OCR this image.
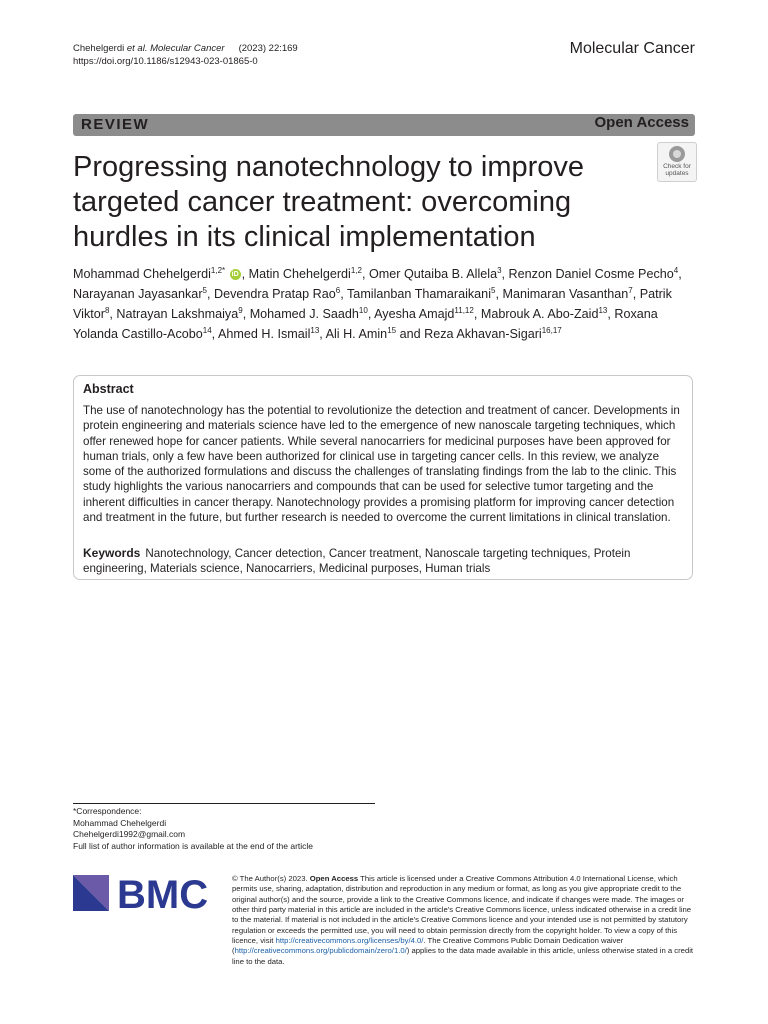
Chehelgerdi et al. Molecular Cancer (2023) 22:169
https://doi.org/10.1186/s12943-023-01865-0
Molecular Cancer
REVIEW	Open Access
Progressing nanotechnology to improve targeted cancer treatment: overcoming hurdles in its clinical implementation
Check for
updates
Mohammad Chehelgerdi$^{1,2*}$ iD , Matin Chehelgerdi$^{1,2}$, Omer Qutaiba B. Allela$^3$, Renzon Daniel Cosme Pecho$^4$, Narayanan Jayasankar$^5$, Devendra Pratap Rao$^6$, Tamilanban Thamaraikani$^5$, Manimaran Vasanthan$^7$, Patrik Viktor$^8$, Natrayan Lakshmaiya$^9$, Mohamed J. Saadh$^{10}$, Ayesha Amajd$^{11,12}$, Mabrouk A. Abo-Zaid$^{13}$, Roxana Yolanda Castillo-Acobo$^{14}$, Ahmed H. Ismail$^{13}$, Ali H. Amin$^{15}$ and Reza Akhavan-Sigari$^{16,17}$
Abstract
The use of nanotechnology has the potential to revolutionize the detection and treatment of cancer. Developments in protein engineering and materials science have led to the emergence of new nanoscale targeting techniques, which offer renewed hope for cancer patients. While several nanocarriers for medicinal purposes have been approved for human trials, only a few have been authorized for clinical use in targeting cancer cells. In this review, we analyze some of the authorized formulations and discuss the challenges of translating findings from the lab to the clinic. This study highlights the various nanocarriers and compounds that can be used for selective tumor targeting and the inherent difficulties in cancer therapy. Nanotechnology provides a promising platform for improving cancer detection and treatment in the future, but further research is needed to overcome the current limitations in clinical translation.
Keywords Nanotechnology, Cancer detection, Cancer treatment, Nanoscale targeting techniques, Protein engineering, Materials science, Nanocarriers, Medicinal purposes, Human trials
*Correspondence:
Mohammad Chehelgerdi
Chehelgerdi1992@gmail.com
Full list of author information is available at the end of the article
BMC	© The Author(s) 2023. Open Access This article is licensed under a Creative Commons Attribution 4.0 International License, which permits use, sharing, adaptation, distribution and reproduction in any medium or format, as long as you give appropriate credit to the original author(s) and the source, provide a link to the Creative Commons licence, and indicate if changes were made. The images or other third party material in this article are included in the article's Creative Commons licence, unless indicated otherwise in a credit line to the material. If material is not included in the article's Creative Commons licence and your intended use is not permitted by statutory regulation or exceeds the permitted use, you will need to obtain permission directly from the copyright holder. To view a copy of this licence, visit http://creativecommons.org/licenses/by/4.0/. The Creative Commons Public Domain Dedication waiver (http://creativecommons.org/publicdomain/zero/1.0/) applies to the data made available in this article, unless otherwise stated in a credit line to the data.
